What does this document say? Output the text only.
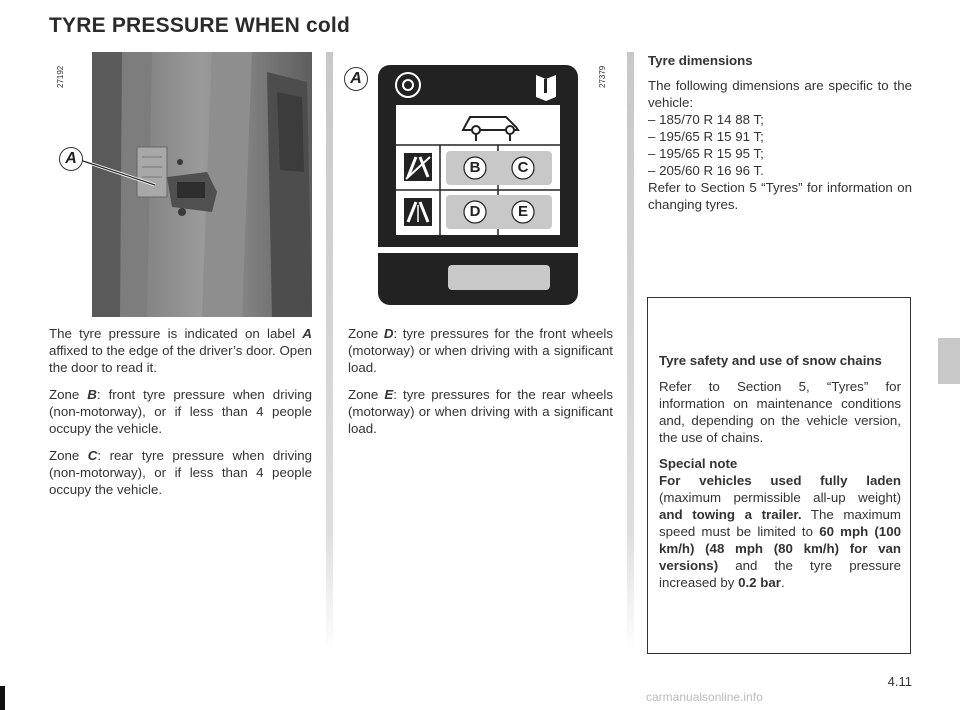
TYRE PRESSURE WHEN cold
27192
A
A	27379
B	C
D	E

The tyre pressure is indicated on label A affixed to the edge of the driver’s door. Open the door to read it.

Zone B: front tyre pressure when driving (non-motorway), or if less than 4 people occupy the vehicle.

Zone C: rear tyre pressure when driving (non-motorway), or if less than 4 people occupy the vehicle.

Zone D: tyre pressures for the front wheels (motorway) or when driving with a significant load.

Zone E: tyre pressures for the rear wheels (motorway) or when driving with a significant load.

Tyre dimensions

The following dimensions are specific to the vehicle:
– 185/70 R 14 88 T;
– 195/65 R 15 91 T;
– 195/65 R 15 95 T;
– 205/60 R 16 96 T.
Refer to Section 5 “Tyres” for information on changing tyres.

Tyre safety and use of snow chains

Refer to Section 5, “Tyres” for information on maintenance conditions and, depending on the vehicle version, the use of chains.

Special note
For vehicles used fully laden (maximum permissible all-up weight) and towing a trailer. The maximum speed must be limited to 60 mph (100 km/h) (48 mph (80 km/h) for van versions) and the tyre pressure increased by 0.2 bar.

4.11
carmanualsonline.info
